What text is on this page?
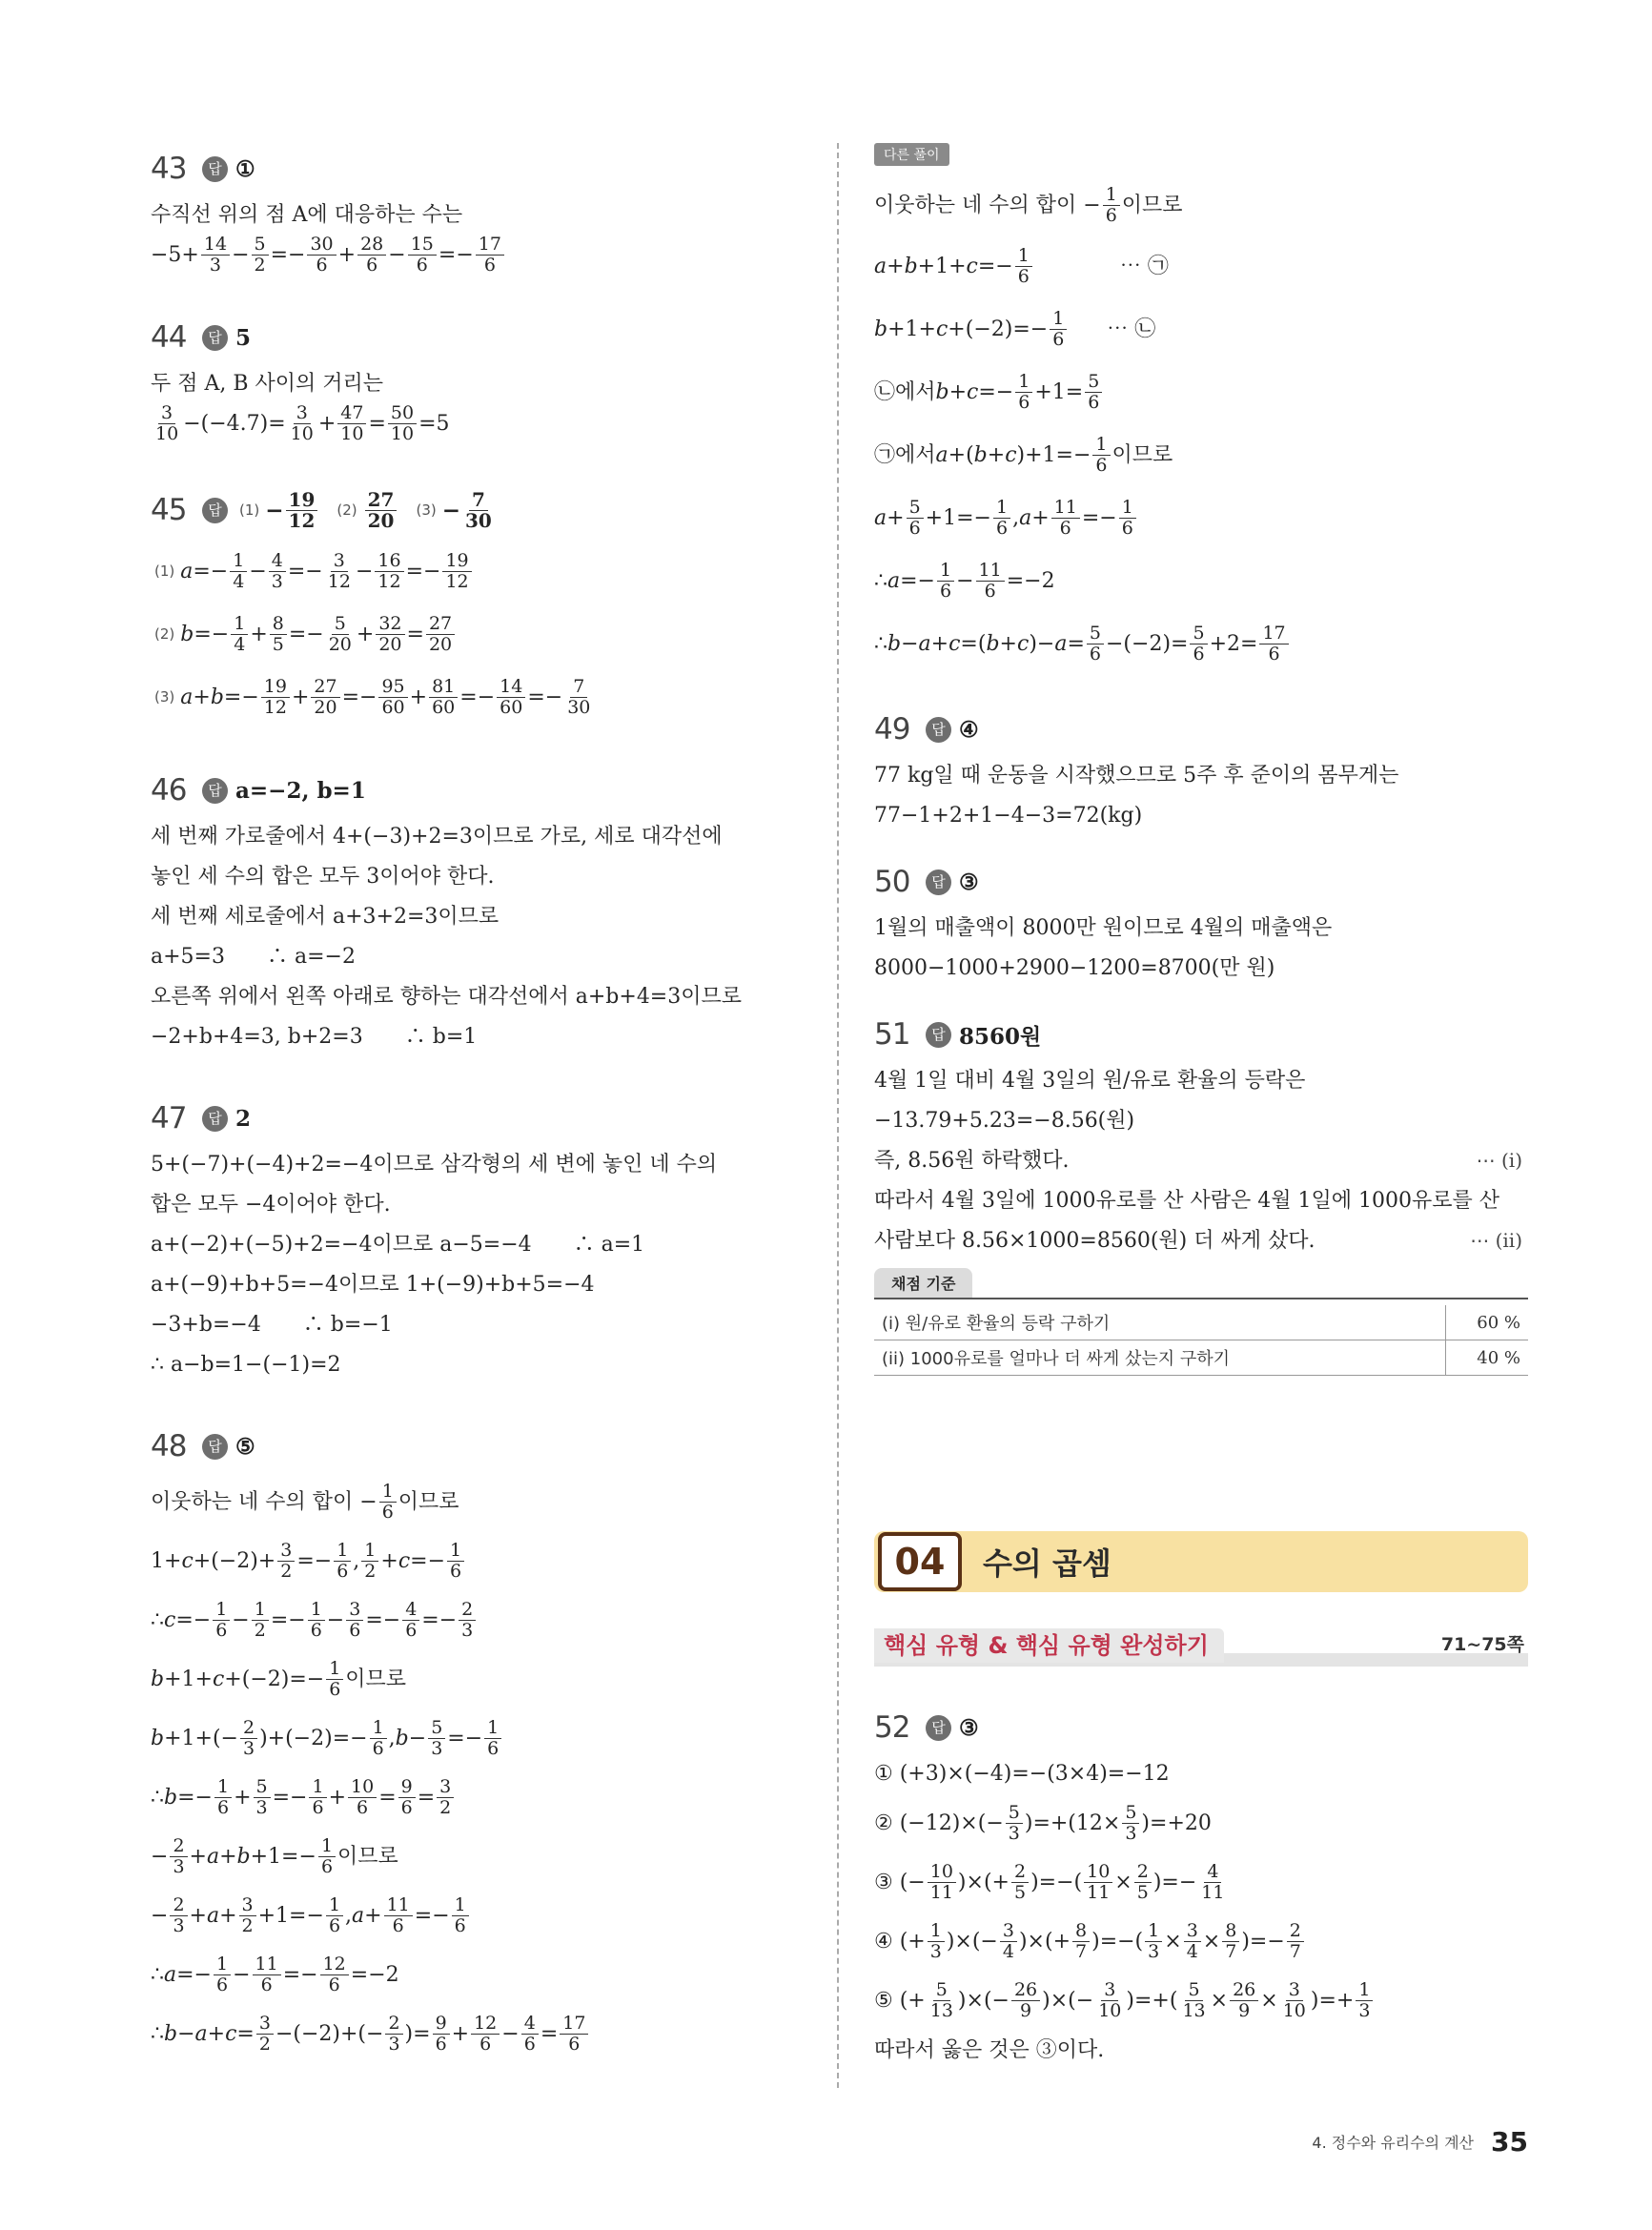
43	답 ①
수직선 위의 점 A에 대응하는 수는
$-5+ \frac{14}{3} - \frac{5}{2} =- \frac{30}{6} + \frac{28}{6} - \frac{15}{6} =- \frac{17}{6}$
44	답 5
두 점 A, B 사이의 거리는
$\frac{3}{10} -(-4.7)= \frac{3}{10} + \frac{47}{10} = \frac{50}{10} =5$
45	답	$(1) - \frac{19}{12} (2) \frac{27}{20} (3) - \frac{7}{30}$
(1) $a =- \frac{1}{4} - \frac{4}{3} =- \frac{3}{12} - \frac{16}{12} =- \frac{19}{12}$
(2) $b =- \frac{1}{4} + \frac{8}{5} =- \frac{5}{20} + \frac{32}{20} = \frac{27}{20}$
(3) $a + b =- \frac{19}{12} + \frac{27}{20} =- \frac{95}{60} + \frac{81}{60} =- \frac{14}{60} =- \frac{7}{30}$
46	답 a=−2, b=1
세 번째 가로줄에서 4+(−3)+2=3이므로 가로, 세로 대각선에
놓인 세 수의 합은 모두 3이어야 한다.
세 번째 세로줄에서 a+3+2=3이므로
a+5=3　　∴ a=−2
오른쪽 위에서 왼쪽 아래로 향하는 대각선에서 a+b+4=3이므로
−2+b+4=3, b+2=3　　∴ b=1
47	답 2
5+(−7)+(−4)+2=−4이므로 삼각형의 세 변에 놓인 네 수의
합은 모두 −4이어야 한다.
a+(−2)+(−5)+2=−4이므로 a−5=−4　　∴ a=1
a+(−9)+b+5=−4이므로 1+(−9)+b+5=−4
−3+b=−4　　∴ b=−1
∴ a−b=1−(−1)=2
48	답 ⑤
이웃하는 네 수의 합이 − $\frac{1}{6}$ 이므로
$1+ c +(-2)+ \frac{3}{2} =- \frac{1}{6}$ , $\frac{1}{2} + c =- \frac{1}{6}$
∴ $c =- \frac{1}{6} - \frac{1}{2} =- \frac{1}{6} - \frac{3}{6} =- \frac{4}{6} =- \frac{2}{3}$
$b +1+ c +(-2)=- \frac{1}{6}$ 이므로
$b +1+(- \frac{2}{3} )+(-2)=- \frac{1}{6}$ , $b - \frac{5}{3} =- \frac{1}{6}$
∴ $b =- \frac{1}{6} + \frac{5}{3} =- \frac{1}{6} + \frac{10}{6} = \frac{9}{6} = \frac{3}{2}$
− $\frac{2}{3} + a + b +1=- \frac{1}{6}$ 이므로
− $\frac{2}{3} + a + \frac{3}{2} +1=- \frac{1}{6}$ , $a + \frac{11}{6} =- \frac{1}{6}$
∴ $a =- \frac{1}{6} - \frac{11}{6} =- \frac{12}{6} =-2$
∴ $b - a + c = \frac{3}{2} -(-2)+(- \frac{2}{3}$ )= $\frac{9}{6} + \frac{12}{6} - \frac{4}{6} = \frac{17}{6}$
다른 풀이
이웃하는 네 수의 합이 − $\frac{1}{6}$ 이므로
$a + b +1+ c =- \frac{1}{6}$	⋯ ㉠
$b +1+ c +(-2)=- \frac{1}{6}$ ⋯ ㉡
㉡에서 $b + c =- \frac{1}{6} +1= \frac{5}{6}$
㉠에서 a +( b + c )$+1=- \frac{1}{6}$ 이므로
$a + \frac{5}{6} +1=- \frac{1}{6}$ , $a + \frac{11}{6} =- \frac{1}{6}$
∴ $a =- \frac{1}{6} - \frac{11}{6} =-2$
∴ b − a + c =( b + c )− $a = \frac{5}{6} -(-2)= \frac{5}{6} +2= \frac{17}{6}$
49	답 ④
77 kg일 때 운동을 시작했으므로 5주 후 준이의 몸무게는
77−1+2+1−4−3=72(kg)
50	답 ③
1월의 매출액이 8000만 원이므로 4월의 매출액은
8000−1000+2900−1200=8700(만 원)
51	답 8560원
4월 1일 대비 4월 3일의 원/유로 환율의 등락은
−13.79+5.23=−8.56(원)
즉, 8.56원 하락했다.	⋯ (i)
따라서 4월 3일에 1000유로를 산 사람은 4월 1일에 1000유로를 산
사람보다 8.56×1000=8560(원) 더 싸게 샀다.	⋯ (ii)
채점 기준
(i) 원/유로 환율의 등락 구하기	60 %
(ii) 1000유로를 얼마나 더 싸게 샀는지 구하기	40 %
04	수의 곱셈
핵심 유형 & 핵심 유형 완성하기	71~75쪽
52	답 ③
① (+3)×(−4)=−(3×4)=−12
② $(-12)\times(- \frac{5}{3} )=+(12\times \frac{5}{3} )=+20$
③ (− $\frac{10}{11}$ )×(+ $\frac{2}{5}$ )=−( $\frac{10}{11} \times \frac{2}{5}$ )=− $\frac{4}{11}$
④ (+ $\frac{1}{3}$ )×(− $\frac{3}{4}$ )×(+ $\frac{8}{7}$ )=−( $\frac{1}{3} \times \frac{3}{4} \times \frac{8}{7}$ )=− $\frac{2}{7}$
⑤ (+ $\frac{5}{13}$ )×(− $\frac{26}{9}$ )×(− $\frac{3}{10}$ )=+( $\frac{5}{13} \times \frac{26}{9} \times \frac{3}{10}$ )=+ $\frac{1}{3}$
따라서 옳은 것은 ③이다.
4. 정수와 유리수의 계산 35
